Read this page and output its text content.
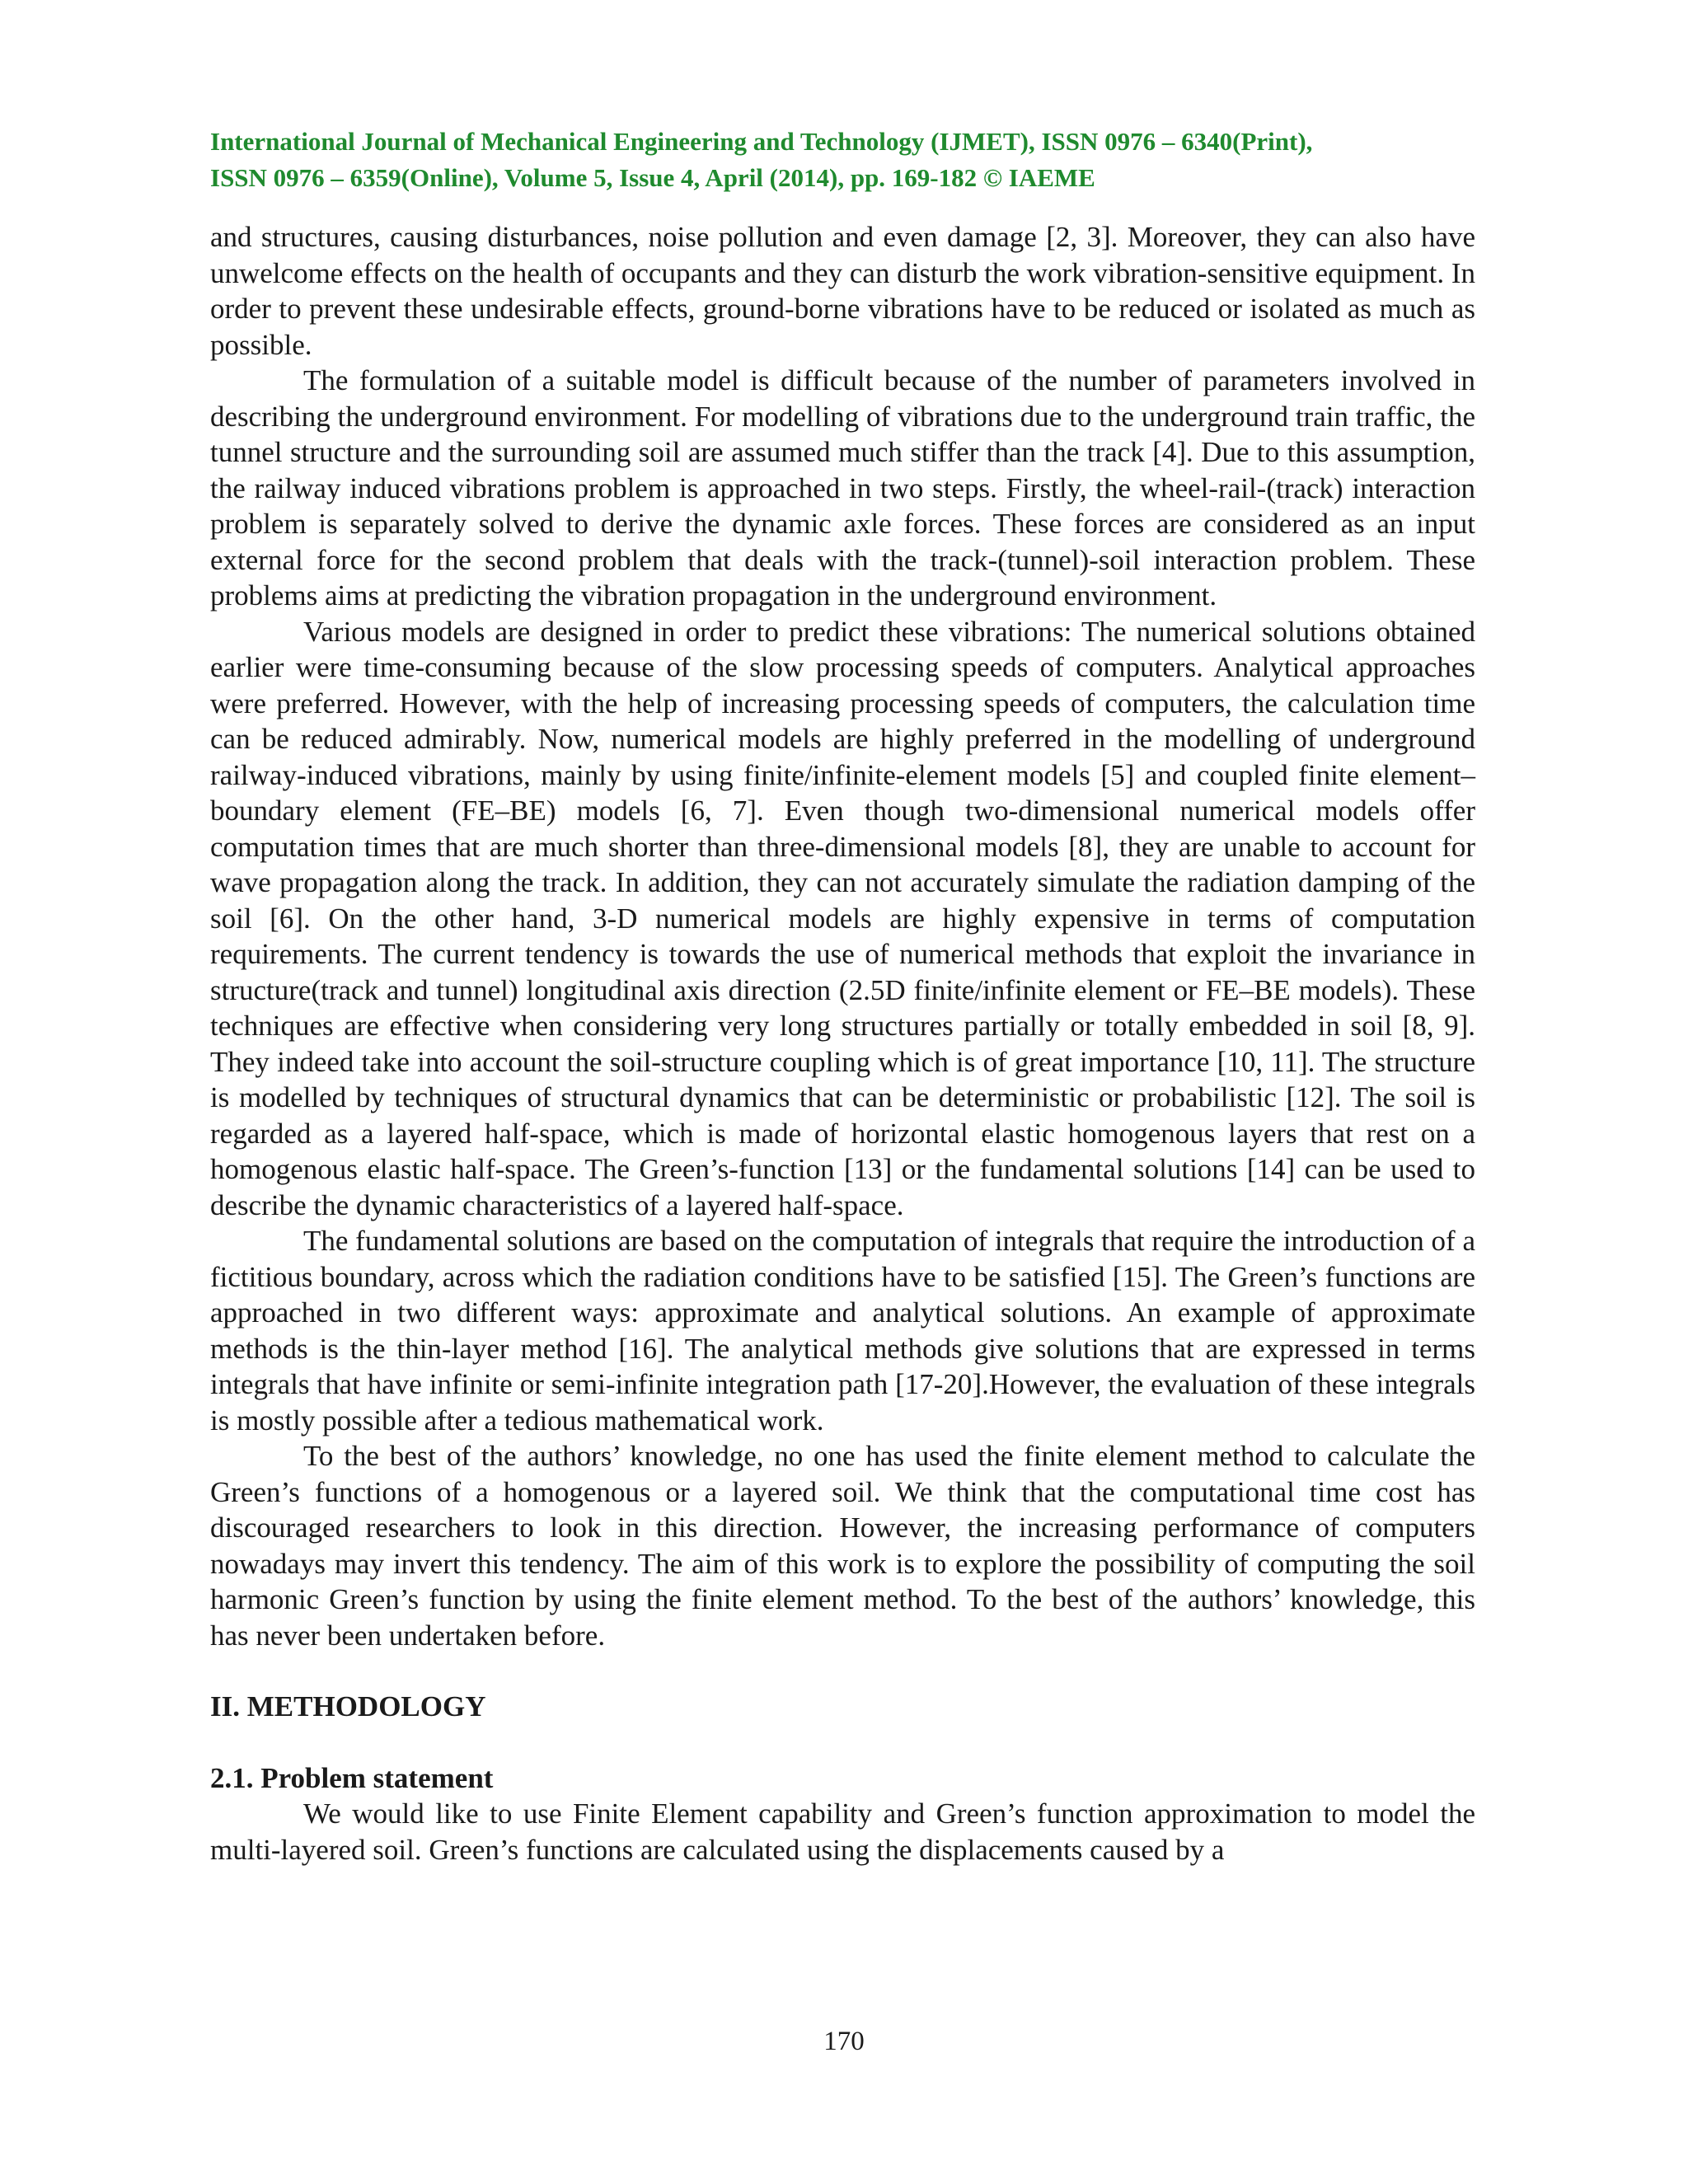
International Journal of Mechanical Engineering and Technology (IJMET), ISSN 0976 – 6340(Print),
ISSN 0976 – 6359(Online), Volume 5, Issue 4, April (2014), pp. 169-182 © IAEME

and structures, causing disturbances, noise pollution and even damage [2, 3]. Moreover, they can also have unwelcome effects on the health of occupants and they can disturb the work vibration-sensitive equipment. In order to prevent these undesirable effects, ground-borne vibrations have to be reduced or isolated as much as possible.

The formulation of a suitable model is difficult because of the number of parameters involved in describing the underground environment. For modelling of vibrations due to the underground train traffic, the tunnel structure and the surrounding soil are assumed much stiffer than the track [4]. Due to this assumption, the railway induced vibrations problem is approached in two steps. Firstly, the wheel-rail-(track) interaction problem is separately solved to derive the dynamic axle forces. These forces are considered as an input external force for the second problem that deals with the track-(tunnel)-soil interaction problem. These problems aims at predicting the vibration propagation in the underground environment.

Various models are designed in order to predict these vibrations: The numerical solutions obtained earlier were time-consuming because of the slow processing speeds of computers. Analytical approaches were preferred. However, with the help of increasing processing speeds of computers, the calculation time can be reduced admirably. Now, numerical models are highly preferred in the modelling of underground railway-induced vibrations, mainly by using finite/infinite-element models [5] and coupled finite element–boundary element (FE–BE) models [6, 7]. Even though two-dimensional numerical models offer computation times that are much shorter than three-dimensional models [8], they are unable to account for wave propagation along the track. In addition, they can not accurately simulate the radiation damping of the soil [6]. On the other hand, 3-D numerical models are highly expensive in terms of computation requirements. The current tendency is towards the use of numerical methods that exploit the invariance in structure(track and tunnel) longitudinal axis direction (2.5D finite/infinite element or FE–BE models). These techniques are effective when considering very long structures partially or totally embedded in soil [8, 9]. They indeed take into account the soil-structure coupling which is of great importance [10, 11]. The structure is modelled by techniques of structural dynamics that can be deterministic or probabilistic [12]. The soil is regarded as a layered half-space, which is made of horizontal elastic homogenous layers that rest on a homogenous elastic half-space. The Green’s-function [13] or the fundamental solutions [14] can be used to describe the dynamic characteristics of a layered half-space.

The fundamental solutions are based on the computation of integrals that require the introduction of a fictitious boundary, across which the radiation conditions have to be satisfied [15]. The Green’s functions are approached in two different ways: approximate and analytical solutions. An example of approximate methods is the thin-layer method [16]. The analytical methods give solutions that are expressed in terms integrals that have infinite or semi-infinite integration path [17-20].However, the evaluation of these integrals is mostly possible after a tedious mathematical work.

To the best of the authors’ knowledge, no one has used the finite element method to calculate the Green’s functions of a homogenous or a layered soil. We think that the computational time cost has discouraged researchers to look in this direction. However, the increasing performance of computers nowadays may invert this tendency. The aim of this work is to explore the possibility of computing the soil harmonic Green’s function by using the finite element method. To the best of the authors’ knowledge, this has never been undertaken before.

II. METHODOLOGY
2.1. Problem statement

We would like to use Finite Element capability and Green’s function approximation to model the multi-layered soil. Green’s functions are calculated using the displacements caused by a

170
